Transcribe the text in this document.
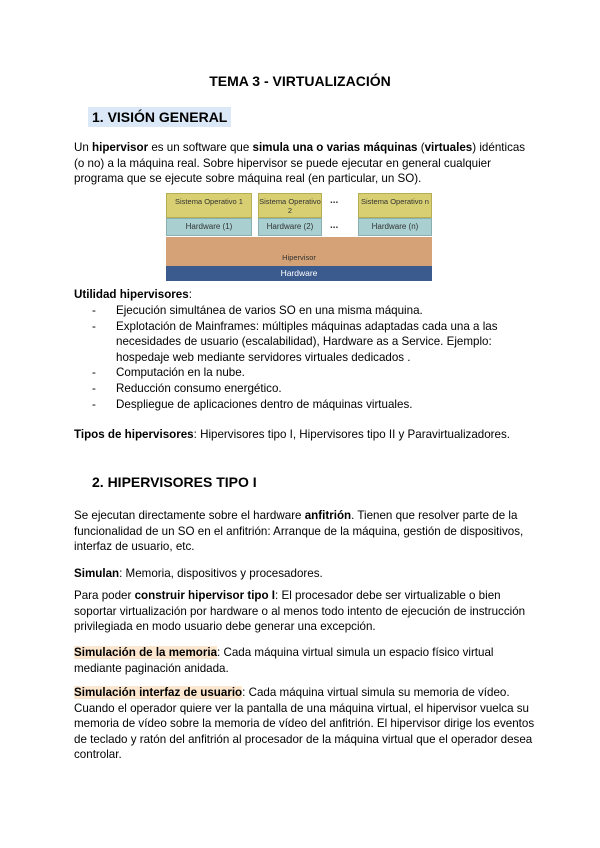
TEMA 3 - VIRTUALIZACIÓN
1. VISIÓN GENERAL
Un hipervisor es un software que simula una o varias máquinas (virtuales) idénticas (o no) a la máquina real. Sobre hipervisor se puede ejecutar en general cualquier programa que se ejecute sobre máquina real (en particular, un SO).
Sistema Operativo 1	Sistema Operativo 2
Sistema Operativo n
...
Hardware (1)	Hardware (2)	Hardware (n)
...
Hipervisor
Hardware
Utilidad hipervisores:
- Ejecución simultánea de varios SO en una misma máquina.
- Explotación de Mainframes: múltiples máquinas adaptadas cada una a las necesidades de usuario (escalabilidad), Hardware as a Service. Ejemplo: hospedaje web mediante servidores virtuales dedicados .
- Computación en la nube.
- Reducción consumo energético.
- Despliegue de aplicaciones dentro de máquinas virtuales.
Tipos de hipervisores: Hipervisores tipo I, Hipervisores tipo II y Paravirtualizadores.
2. HIPERVISORES TIPO I
Se ejecutan directamente sobre el hardware anfitrión. Tienen que resolver parte de la funcionalidad de un SO en el anfitrión: Arranque de la máquina, gestión de dispositivos, interfaz de usuario, etc.
Simulan: Memoria, dispositivos y procesadores.
Para poder construir hipervisor tipo I: El procesador debe ser virtualizable o bien soportar virtualización por hardware o al menos todo intento de ejecución de instrucción privilegiada en modo usuario debe generar una excepción.
Simulación de la memoria: Cada máquina virtual simula un espacio físico virtual mediante paginación anidada.
Simulación interfaz de usuario: Cada máquina virtual simula su memoria de vídeo. Cuando el operador quiere ver la pantalla de una máquina virtual, el hipervisor vuelca su memoria de vídeo sobre la memoria de vídeo del anfitrión. El hipervisor dirige los eventos de teclado y ratón del anfitrión al procesador de la máquina virtual que el operador desea controlar.
